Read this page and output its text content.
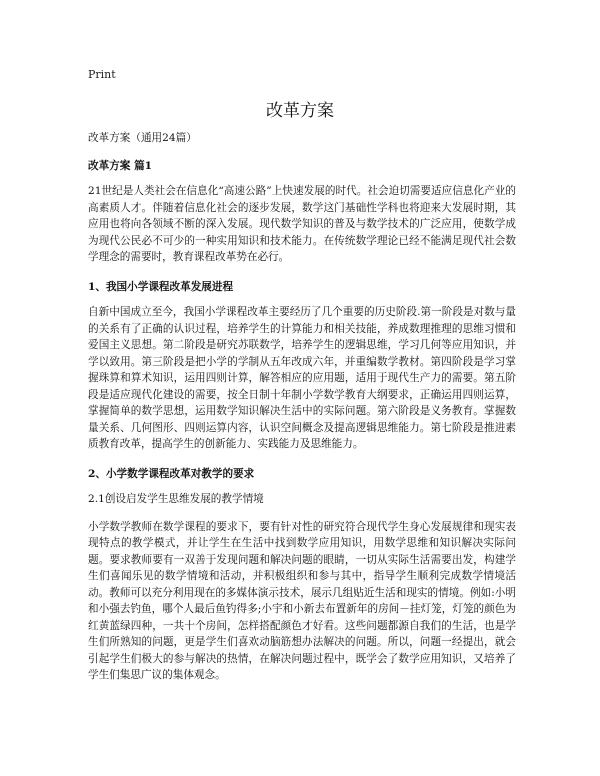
Print
改革方案

改革方案（通用24篇）

改革方案 篇1

21世纪是人类社会在信息化“高速公路”上快速发展的时代。社会迫切需要适应信息化产业的高素质人才。伴随着信息化社会的逐步发展，数学这门基础性学科也将迎来大发展时期，其应用也将向各领域不断的深入发展。现代数学知识的普及与数学技术的广泛应用，使数学成为现代公民必不可少的一种实用知识和技术能力。在传统数学理论已经不能满足现代社会数学理念的需要时，教育课程改革势在必行。

1、我国小学课程改革发展进程

自新中国成立至今，我国小学课程改革主要经历了几个重要的历史阶段.第一阶段是对数与量的关系有了正确的认识过程，培养学生的计算能力和相关技能，养成数理推理的思维习惯和爱国主义思想。第二阶段是研究苏联数学，培养学生的逻辑思维，学习几何等应用知识，并学以致用。第三阶段是把小学的学制从五年改成六年，并重编数学教材。第四阶段是学习掌握珠算和算术知识，运用四则计算，解答相应的应用题，适用于现代生产力的需要。第五阶段是适应现代化建设的需要，按全日制十年制小学数学教育大纲要求，正确运用四则运算，掌握简单的数学思想，运用数学知识解决生活中的实际问题。第六阶段是义务教育。掌握数量关系、几何图形、四则运算内容，认识空间概念及提高逻辑思维能力。第七阶段是推进素质教育改革，提高学生的创新能力、实践能力及思维能力。

2、小学数学课程改革对教学的要求

2.1创设启发学生思维发展的教学情境

小学数学教师在数学课程的要求下，要有针对性的研究符合现代学生身心发展规律和现实表现特点的教学模式，并让学生在生活中找到数学应用知识，用数学思维和知识解决实际问题。要求教师要有一双善于发现问题和解决问题的眼睛，一切从实际生活需要出发，构建学生们喜闻乐见的数学情境和活动，并积极组织和参与其中，指导学生顺利完成数学情境活动。教师可以充分利用现在的多媒体演示技术，展示几组贴近生活和现实的情境。例如:小明和小强去钓鱼，哪个人最后鱼钓得多;小宇和小新去布置新年的房间－挂灯笼，灯笼的颜色为红黄蓝绿四种，一共十个房间，怎样搭配颜色才好看。这些问题都源自我们的生活，也是学生们所熟知的问题，更是学生们喜欢动脑筋想办法解决的问题。所以，问题一经提出，就会引起学生们极大的参与解决的热情，在解决问题过程中，既学会了数学应用知识，又培养了学生们集思广议的集体观念。
